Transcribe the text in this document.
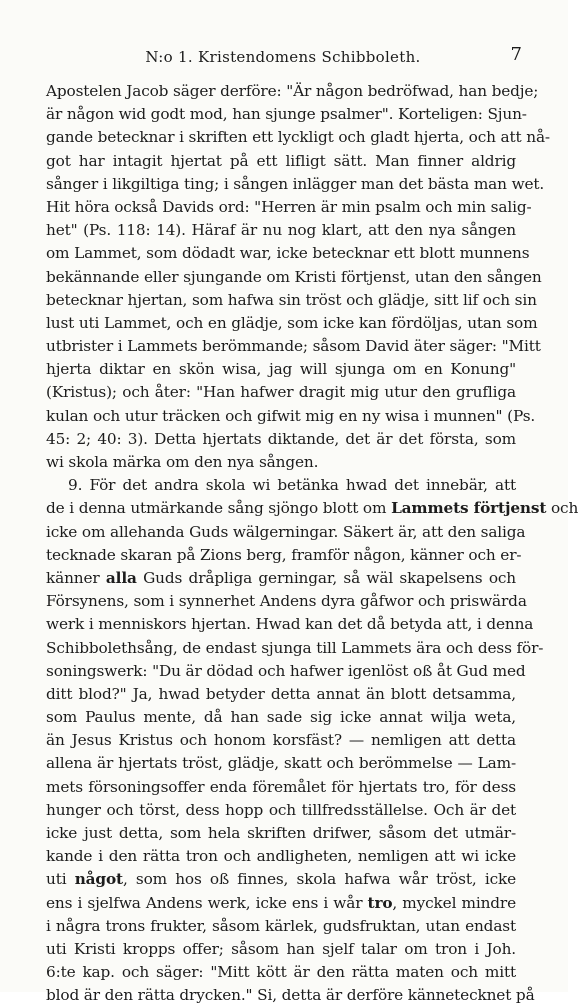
N:o 1. Kristendomens Schibboleth.	7
Apostelen Jacob säger derföre: "Är någon bedröfwad, han bedje;
är någon wid godt mod, han sjunge psalmer". Korteligen: Sjun-
gande betecknar i skriften ett lyckligt och gladt hjerta, och att nå-
got har intagit hjertat på ett lifligt sätt. Man finner aldrig
sånger i likgiltiga ting; i sången inlägger man det bästa man wet.
Hit höra också Davids ord: "Herren är min psalm och min salig-
het" (Ps. 118: 14). Häraf är nu nog klart, att den nya sången
om Lammet, som dödadt war, icke betecknar ett blott munnens
bekännande eller sjungande om Kristi förtjenst, utan den sången
betecknar hjertan, som hafwa sin tröst och glädje, sitt lif och sin
lust uti Lammet, och en glädje, som icke kan fördöljas, utan som
utbrister i Lammets berömmande; såsom David äter säger: "Mitt
hjerta diktar en skön wisa, jag will sjunga om en Konung"
(Kristus); och åter: "Han hafwer dragit mig utur den grufliga
kulan och utur träcken och gifwit mig en ny wisa i munnen" (Ps.
45: 2; 40: 3). Detta hjertats diktande, det är det första, som
wi skola märka om den nya sången.
9. För det andra skola wi betänka hwad det innebär, att
de i denna utmärkande sång sjöngo blott om Lammets förtjenst och
icke om allehanda Guds wälgerningar. Säkert är, att den saliga
tecknade skaran på Zions berg, framför någon, känner och er-
känner alla Guds dråpliga gerningar, så wäl skapelsens och
Försynens, som i synnerhet Andens dyra gåfwor och priswärda
werk i menniskors hjertan. Hwad kan det då betyda att, i denna
Schibbolethsång, de endast sjunga till Lammets ära och dess för-
soningswerk: "Du är dödad och hafwer igenlöst oß åt Gud med
ditt blod?" Ja, hwad betyder detta annat än blott detsamma,
som Paulus mente, då han sade sig icke annat wilja weta,
än Jesus Kristus och honom korsfäst? — nemligen att detta
allena är hjertats tröst, glädje, skatt och berömmelse — Lam-
mets försoningsoffer enda föremålet för hjertats tro, för dess
hunger och törst, dess hopp och tillfredsställelse. Och är det
icke just detta, som hela skriften drifwer, såsom det utmär-
kande i den rätta tron och andligheten, nemligen att wi icke
uti något, som hos oß finnes, skola hafwa wår tröst, icke
ens i sjelfwa Andens werk, icke ens i wår tro, myckel mindre
i några trons frukter, såsom kärlek, gudsfruktan, utan endast
uti Kristi kropps offer; såsom han sjelf talar om tron i Joh.
6:te kap. och säger: "Mitt kött är den rätta maten och mitt
blod är den rätta drycken." Si, detta är derföre kännetecknet på
